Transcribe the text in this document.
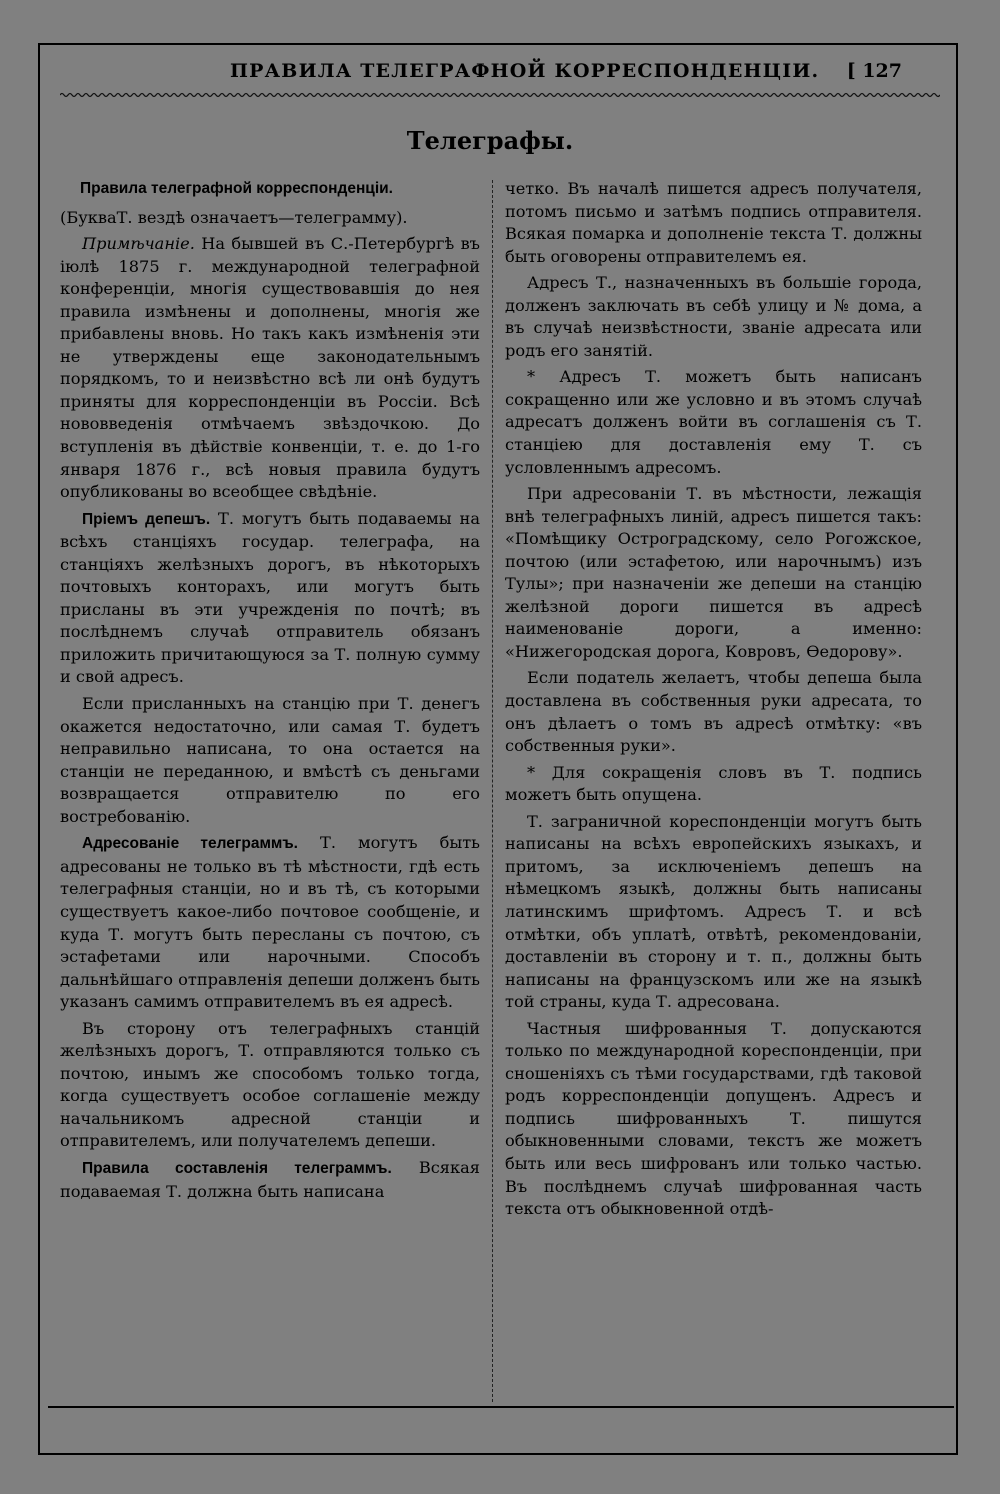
ПРАВИЛА ТЕЛЕГРАФНОЙ КОРРЕСПОНДЕНЦІИ. [ 127
Телеграфы.

Правила телеграфной корреспонденціи.

(БукваТ. вездѣ означаетъ—телеграмму).

Примѣчаніе. На бывшей въ С.-Петербургѣ въ іюлѣ 1875 г. международной телеграфной конференціи, многія существовавшія до нея правила измѣнены и дополнены, многія же прибавлены вновь. Но такъ какъ измѣненія эти не утверждены еще законодательнымъ порядкомъ, то и неизвѣстно всѣ ли онѣ будутъ приняты для корреспонденціи въ Россіи. Всѣ нововведенія отмѣчаемъ звѣздочкою. До вступленія въ дѣйствіе конвенціи, т. е. до 1-го января 1876 г., всѣ новыя правила будутъ опубликованы во всеобщее свѣдѣніе.

Пріемъ депешъ. Т. могутъ быть подаваемы на всѣхъ станціяхъ государ. телеграфа, на станціяхъ желѣзныхъ дорогъ, въ нѣкоторыхъ почтовыхъ конторахъ, или могутъ быть присланы въ эти учрежденія по почтѣ; въ послѣднемъ случаѣ отправитель обязанъ приложить причитающуюся за Т. полную сумму и свой адресъ.

Если присланныхъ на станцію при Т. денегъ окажется недостаточно, или самая Т. будетъ неправильно написана, то она остается на станціи не переданною, и вмѣстѣ съ деньгами возвращается отправителю по его востребованію.

Адресованіе телеграммъ. Т. могутъ быть адресованы не только въ тѣ мѣстности, гдѣ есть телеграфныя станціи, но и въ тѣ, съ которыми существуетъ какое-либо почтовое сообщеніе, и куда Т. могутъ быть пересланы съ почтою, съ эстафетами или нарочными. Способъ дальнѣйшаго отправленія депеши долженъ быть указанъ самимъ отправителемъ въ ея адресѣ.

Въ сторону отъ телеграфныхъ станцій желѣзныхъ дорогъ, Т. отправляются только съ почтою, инымъ же способомъ только тогда, когда существуетъ особое соглашеніе между начальникомъ адресной станціи и отправителемъ, или получателемъ депеши.

Правила составленія телеграммъ. Всякая подаваемая Т. должна быть написана

четко. Въ началѣ пишется адресъ получателя, потомъ письмо и затѣмъ подпись отправителя. Всякая помарка и дополненіе текста Т. должны быть оговорены отправителемъ ея.

Адресъ Т., назначенныхъ въ большіе города, долженъ заключать въ себѣ улицу и № дома, а въ случаѣ неизвѣстности, званіе адресата или родъ его занятій.

* Адресъ Т. можетъ быть написанъ сокращенно или же условно и въ этомъ случаѣ адресатъ долженъ войти въ соглашенія съ Т. станціею для доставленія ему Т. съ условленнымъ адресомъ.

При адресованіи Т. въ мѣстности, лежащія внѣ телеграфныхъ линій, адресъ пишется такъ: «Помѣщику Остроградскому, село Рогожское, почтою (или эстафетою, или нарочнымъ) изъ Тулы»; при назначеніи же депеши на станцію желѣзной дороги пишется въ адресѣ наименованіе дороги, а именно: «Нижегородская дорога, Ковровъ, Ѳедорову».

Если податель желаетъ, чтобы депеша была доставлена въ собственныя руки адресата, то онъ дѣлаетъ о томъ въ адресѣ отмѣтку: «въ собственныя руки».

* Для сокращенія словъ въ Т. подпись можетъ быть опущена.

Т. заграничной кореспонденціи могутъ быть написаны на всѣхъ европейскихъ языкахъ, и притомъ, за исключеніемъ депешъ на нѣмецкомъ языкѣ, должны быть написаны латинскимъ шрифтомъ. Адресъ Т. и всѣ отмѣтки, объ уплатѣ, отвѣтѣ, рекомендованіи, доставленіи въ сторону и т. п., должны быть написаны на французскомъ или же на языкѣ той страны, куда Т. адресована.

Частныя шифрованныя Т. допускаются только по международной кореспонденціи, при сношеніяхъ съ тѣми государствами, гдѣ таковой родъ корреспонденціи допущенъ. Адресъ и подпись шифрованныхъ Т. пишутся обыкновенными словами, текстъ же можетъ быть или весь шифрованъ или только частью. Въ послѣднемъ случаѣ шифрованная часть текста отъ обыкновенной отдѣ-
